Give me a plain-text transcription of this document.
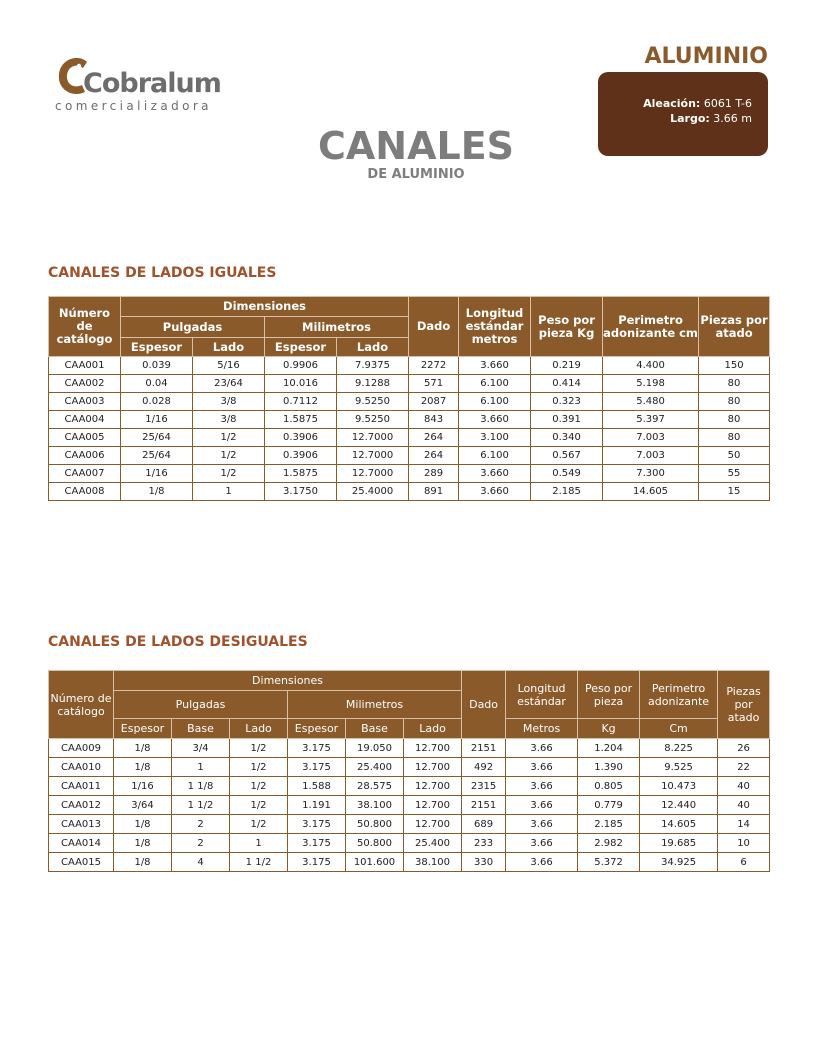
Cobralum
comercializadora
ALUMINIO
Aleación: 6061 T-6
Largo: 3.66 m
CANALES
DE ALUMINIO
CANALES DE LADOS IGUALES
Número de catálogo	Dimensiones				Dado	Longitud estándar metros	Peso por pieza Kg	Perimetro adonizante cm	Piezas por atado
	Pulgadas		Milimetros						
	Espesor	Lado	Espesor	Lado					
CAA001	0.039	5/16	0.9906	7.9375	2272	3.660	0.219	4.400	150
CAA002	0.04	23/64	10.016	9.1288	571	6.100	0.414	5.198	80
CAA003	0.028	3/8	0.7112	9.5250	2087	6.100	0.323	5.480	80
CAA004	1/16	3/8	1.5875	9.5250	843	3.660	0.391	5.397	80
CAA005	25/64	1/2	0.3906	12.7000	264	3.100	0.340	7.003	80
CAA006	25/64	1/2	0.3906	12.7000	264	6.100	0.567	7.003	50
CAA007	1/16	1/2	1.5875	12.7000	289	3.660	0.549	7.300	55
CAA008	1/8	1	3.1750	25.4000	891	3.660	2.185	14.605	15
CANALES DE LADOS DESIGUALES
Número de catálogo	Dimensiones						Dado	Longitud estándar	Peso por pieza	Perimetro adonizante	Piezas por atado
	Pulgadas			Milimetros							
	Espesor	Base	Lado	Espesor	Base	Lado		Metros	Kg	Cm	
CAA009	1/8	3/4	1/2	3.175	19.050	12.700	2151	3.66	1.204	8.225	26
CAA010	1/8	1	1/2	3.175	25.400	12.700	492	3.66	1.390	9.525	22
CAA011	1/16	1 1/8	1/2	1.588	28.575	12.700	2315	3.66	0.805	10.473	40
CAA012	3/64	1 1/2	1/2	1.191	38.100	12.700	2151	3.66	0.779	12.440	40
CAA013	1/8	2	1/2	3.175	50.800	12.700	689	3.66	2.185	14.605	14
CAA014	1/8	2	1	3.175	50.800	25.400	233	3.66	2.982	19.685	10
CAA015	1/8	4	1 1/2	3.175	101.600	38.100	330	3.66	5.372	34.925	6
